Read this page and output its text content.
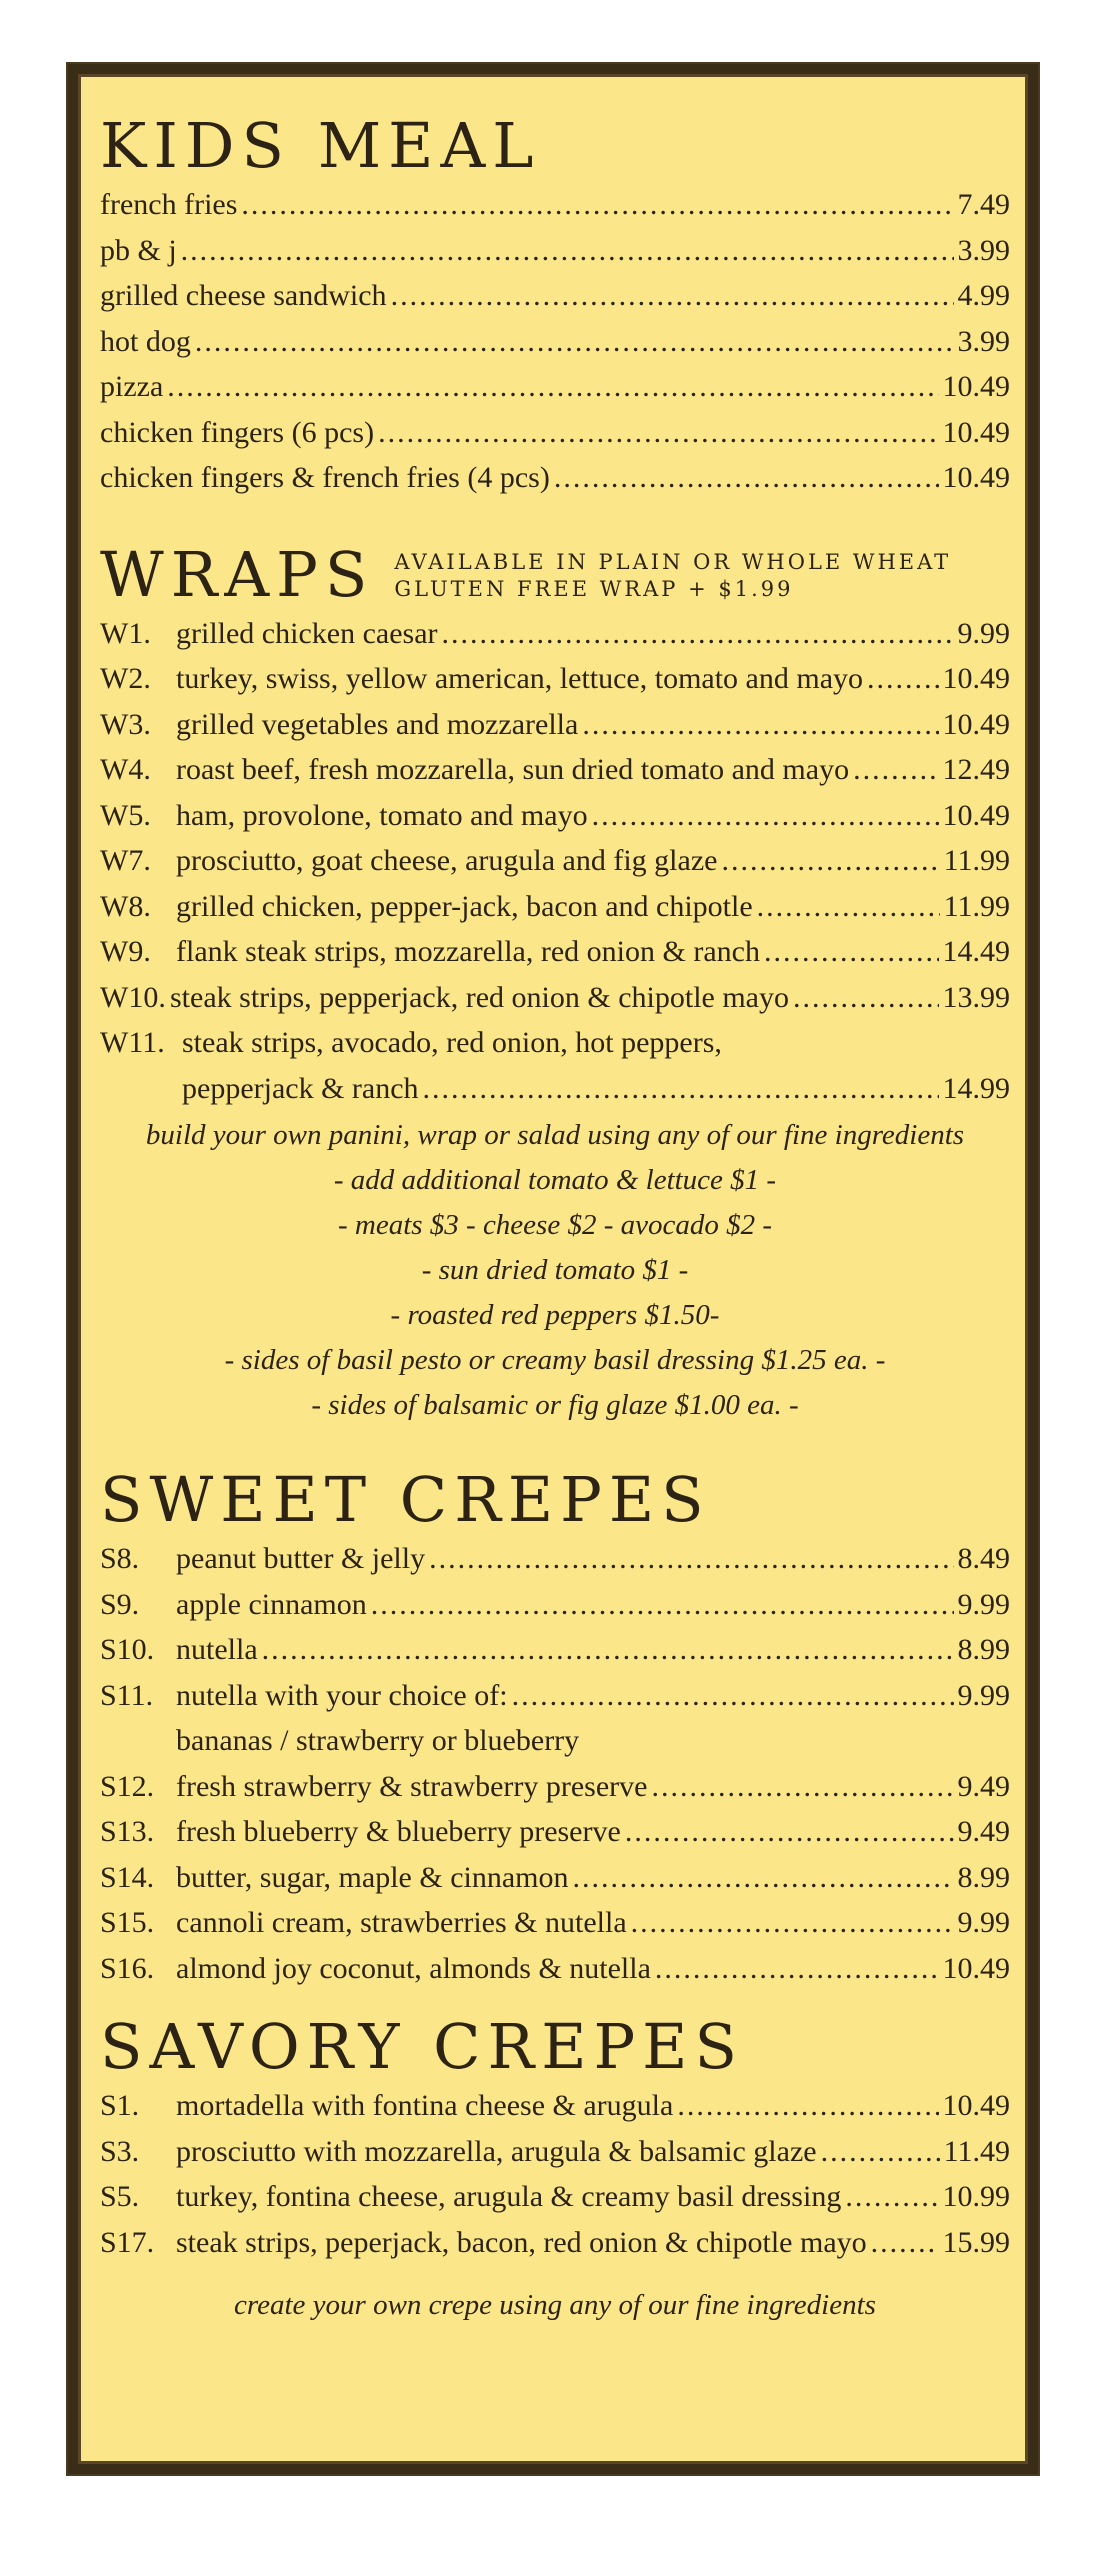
KIDS MEAL
french fries .....	7.49
pb & j .....	3.99
grilled cheese sandwich .....	4.99
hot dog .....	3.99
pizza .....	10.49
chicken fingers (6 pcs) .....	10.49
chicken fingers & french fries (4 pcs) .....	10.49
WRAPS AVAILABLE IN PLAIN OR WHOLE WHEAT
GLUTEN FREE WRAP + $1.99
W1. grilled chicken caesar .....	9.99
W2. turkey, swiss, yellow american, lettuce, tomato and mayo .....	10.49
W3. grilled vegetables and mozzarella .....	10.49
W4. roast beef, fresh mozzarella, sun dried tomato and mayo .....	12.49
W5. ham, provolone, tomato and mayo .....	10.49
W7. prosciutto, goat cheese, arugula and fig glaze .....	11.99
W8. grilled chicken, pepper-jack, bacon and chipotle .....	11.99
W9. flank steak strips, mozzarella, red onion & ranch .....	14.49
W10. steak strips, pepperjack, red onion & chipotle mayo .....	13.99
W11. steak strips, avocado, red onion, hot peppers,
pepperjack & ranch .....	14.99
build your own panini, wrap or salad using any of our fine ingredients
- add additional tomato & lettuce $1 -
- meats $3 - cheese $2 - avocado $2 -
- sun dried tomato $1 -
- roasted red peppers $1.50-
- sides of basil pesto or creamy basil dressing $1.25 ea. -
- sides of balsamic or fig glaze $1.00 ea. -
SWEET CREPES
S8.	peanut butter & jelly .....	8.49
S9.	apple cinnamon .....	9.99
S10. nutella .....	8.99
S11. nutella with your choice of: .....	9.99
bananas / strawberry or blueberry
S12. fresh strawberry & strawberry preserve .....	9.49
S13. fresh blueberry & blueberry preserve .....	9.49
S14. butter, sugar, maple & cinnamon .....	8.99
S15. cannoli cream, strawberries & nutella .....	9.99
S16. almond joy coconut, almonds & nutella .....	10.49
SAVORY CREPES
S1.	mortadella with fontina cheese & arugula .....	10.49
S3.	prosciutto with mozzarella, arugula & balsamic glaze .....	11.49
S5.	turkey, fontina cheese, arugula & creamy basil dressing .....	10.99
S17. steak strips, peperjack, bacon, red onion & chipotle mayo .....	15.99
create your own crepe using any of our fine ingredients
